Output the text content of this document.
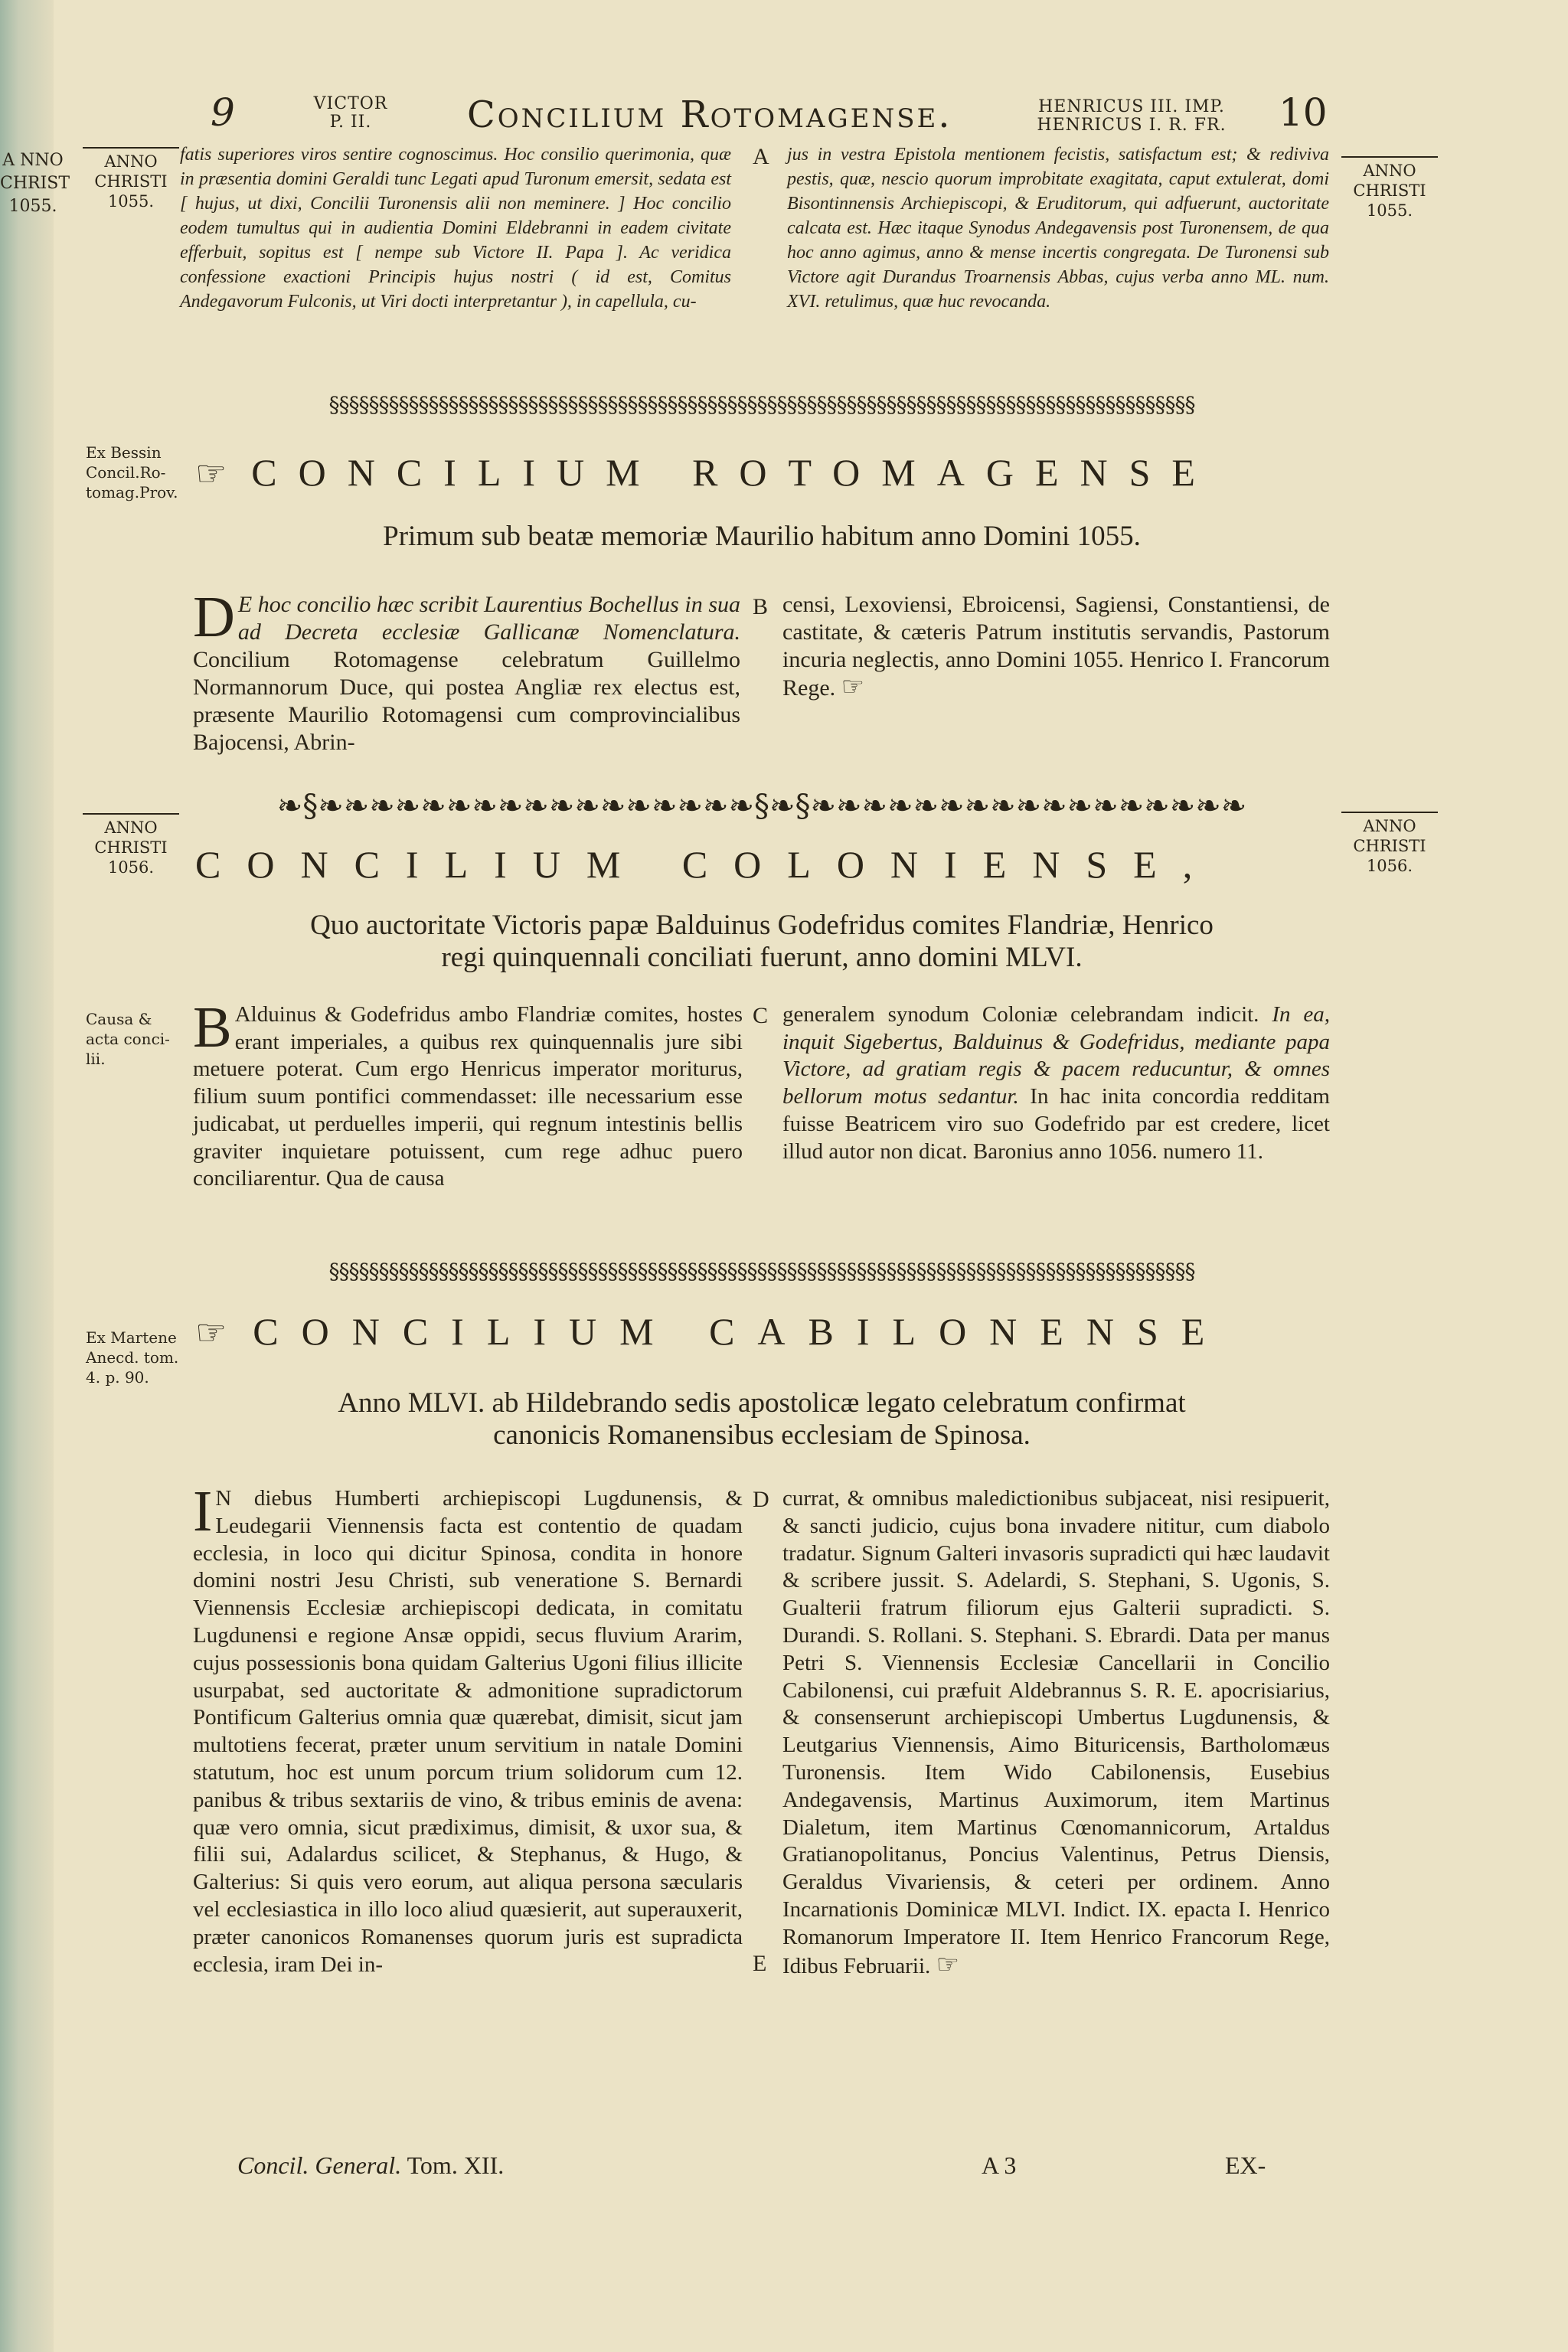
A NNO
CHRIST
1055.
9	VICTOR
P. II.	Concilium Rotomagense.	HENRICUS III. IMP.
HENRICUS I. R. FR. 10
ANNO
CHRISTI
1055.
ANNO
CHRISTI
1055.
fatis superiores viros sentire cognoscimus. Hoc consilio querimonia, quæ in præsentia domini Geraldi tunc Legati apud Turonum emersit, sedata est [ hujus, ut dixi, Concilii Turonensis alii non meminere. ] Hoc concilio eodem tumultus qui in audientia Domini Eldebranni in eadem civitate efferbuit, sopitus est [ nempe sub Victore II. Papa ]. Ac veridica confessione exactioni Principis hujus nostri ( id est, Comitus Andegavorum Fulconis, ut Viri docti interpretantur ), in capellula, cu-
A jus in vestra Epistola mentionem fecistis, satisfactum est; & rediviva pestis, quæ, nescio quorum improbitate exagitata, caput extulerat, domi Bisontinnensis Archiepiscopi, & Eruditorum, qui adfuerunt, auctoritate calcata est. Hæc itaque Synodus Andegavensis post Turonensem, de qua hoc anno agimus, anno & mense incertis congregata. De Turonensi sub Victore agit Durandus Troarnensis Abbas, cujus verba anno ML. num. XVI. retulimus, quæ huc revocanda.
§§§§§§§§§§§§§§§§§§§§§§§§§§§§§§§§§§§§§§§§§§§§§§§§§§§§§§§§§§§§§§§§§§§§§§§§§§§§§§§§§§§§§§§
Ex Bessin
Concil.Ro-
tomag.Prov. ☞CONCILIUM ROTOMAGENSE
Primum sub beatæ memoriæ Maurilio habitum anno Domini 1055.
D E hoc concilio hæc scribit Laurentius Bochellus in sua ad Decreta ecclesiæ Gallicanæ Nomenclatura. Concilium Rotomagense celebratum Guillelmo Normannorum Duce, qui postea Angliæ rex electus est, præsente Maurilio Rotomagensi cum comprovincialibus Bajocensi, Abrin-
B censi, Lexoviensi, Ebroicensi, Sagiensi, Constantiensi, de castitate, & cæteris Patrum institutis servandis, Pastorum incuria neglectis, anno Domini 1055. Henrico I. Francorum Rege. ☞
❧§❧❧❧❧❧❧❧❧❧❧❧❧❧❧❧❧❧§❧§❧❧❧❧❧❧❧❧❧❧❧❧❧❧❧❧❧
ANNO
CHRISTI
1056.
ANNO
CHRISTI
1056.
CONCILIUM COLONIENSE,
Quo auctoritate Victoris papæ Balduinus Godefridus comites Flandriæ, Henrico
regi quinquennali conciliati fuerunt, anno domini MLVI.
Causa &
acta conci-
lii.	B Alduinus & Godefridus ambo Flandriæ comites, hostes erant imperiales, a quibus rex quinquennalis jure sibi metuere poterat. Cum ergo Henricus imperator moriturus, filium suum pontifici commendasset: ille necessarium esse judicabat, ut perduelles imperii, qui regnum intestinis bellis graviter inquietare potuissent, cum rege adhuc puero conciliarentur. Qua de causa
C generalem synodum Coloniæ celebrandam indicit. In ea, inquit Sigebertus, Balduinus & Godefridus, mediante papa Victore, ad gratiam regis & pacem reducuntur, & omnes bellorum motus sedantur. In hac inita concordia redditam fuisse Beatricem viro suo Godefrido par est credere, licet illud autor non dicat. Baronius anno 1056. numero 11.
§§§§§§§§§§§§§§§§§§§§§§§§§§§§§§§§§§§§§§§§§§§§§§§§§§§§§§§§§§§§§§§§§§§§§§§§§§§§§§§§§§§§§§§
Ex Martene
Anecd. tom.
4. p. 90.
☞CONCILIUM CABILONENSE
Anno MLVI. ab Hildebrando sedis apostolicæ legato celebratum confirmat
canonicis Romanensibus ecclesiam de Spinosa.
I N diebus Humberti archiepiscopi Lugdunensis, & Leudegarii Viennensis facta est contentio de quadam ecclesia, in loco qui dicitur Spinosa, condita in honore domini nostri Jesu Christi, sub veneratione S. Bernardi Viennensis Ecclesiæ archiepiscopi dedicata, in comitatu Lugdunensi e regione Ansæ oppidi, secus fluvium Ararim, cujus possessionis bona quidam Galterius Ugoni filius illicite usurpabat, sed auctoritate & admonitione supradictorum Pontificum Galterius omnia quæ quærebat, dimisit, sicut jam multotiens fecerat, præter unum servitium in natale Domini statutum, hoc est unum porcum trium solidorum cum 12. panibus & tribus sextariis de vino, & tribus eminis de avena: quæ vero omnia, sicut prædiximus, dimisit, & uxor sua, & filii sui, Adalardus scilicet, & Stephanus, & Hugo, & Galterius: Si quis vero eorum, aut aliqua persona sæcularis vel ecclesiastica in illo loco aliud quæsierit, aut superauxerit, præter canonicos Romanenses quorum juris est supradicta ecclesia, iram Dei in-
D
E
currat, & omnibus maledictionibus subjaceat, nisi resipuerit, & sancti judicio, cujus bona invadere nititur, cum diabolo tradatur. Signum Galteri invasoris supradicti qui hæc laudavit & scribere jussit. S. Adelardi, S. Stephani, S. Ugonis, S. Gualterii fratrum filiorum ejus Galterii supradicti. S. Durandi. S. Rollani. S. Stephani. S. Ebrardi. Data per manus Petri S. Viennensis Ecclesiæ Cancellarii in Concilio Cabilonensi, cui præfuit Aldebrannus S. R. E. apocrisiarius, & consenserunt archiepiscopi Umbertus Lugdunensis, & Leutgarius Viennensis, Aimo Bituricensis, Bartholomæus Turonensis. Item Wido Cabilonensis, Eusebius Andegavensis, Martinus Auximorum, item Martinus Dialetum, item Martinus Cœnomannicorum, Artaldus Gratianopolitanus, Poncius Valentinus, Petrus Diensis, Geraldus Vivariensis, & ceteri per ordinem. Anno Incarnationis Dominicæ MLVI. Indict. IX. epacta I. Henrico Romanorum Imperatore II. Item Henrico Francorum Rege, Idibus Februarii. ☞
Concil. General. Tom. XII.	A 3	EX-
